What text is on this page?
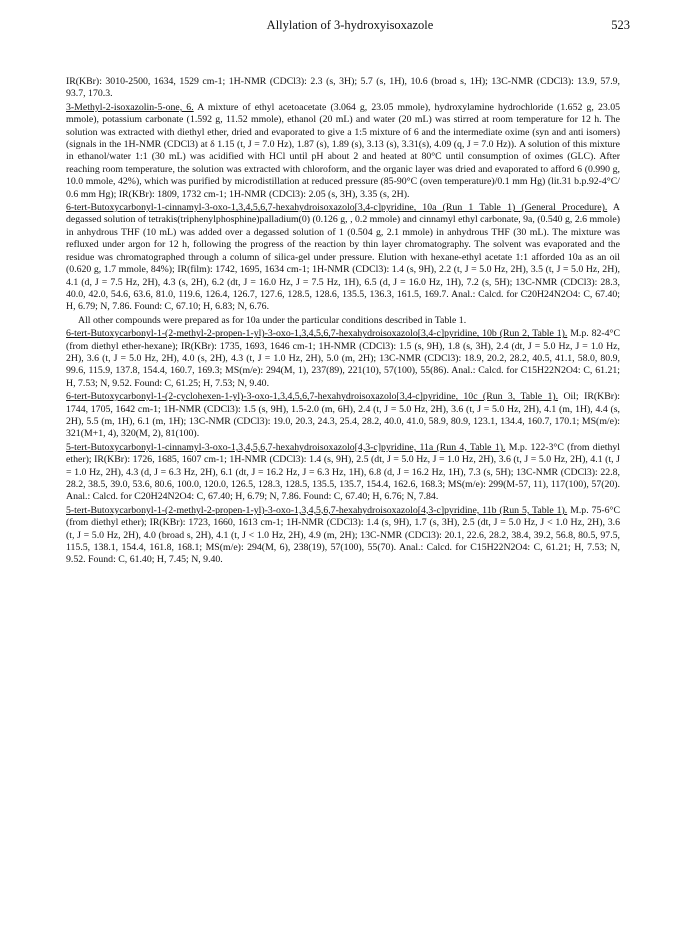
Allylation of 3-hydroxyisoxazole	523

IR(KBr): 3010-2500, 1634, 1529 cm-1; 1H-NMR (CDCl3): 2.3 (s, 3H); 5.7 (s, 1H), 10.6 (broad s, 1H); 13C-NMR (CDCl3): 13.9, 57.9, 93.7, 170.3.

3-Methyl-2-isoxazolin-5-one, 6. A mixture of ethyl acetoacetate (3.064 g, 23.05 mmole), hydroxylamine hydrochloride (1.652 g, 23.05 mmole), potassium carbonate (1.592 g, 11.52 mmole), ethanol (20 mL) and water (20 mL) was stirred at room temperature for 12 h. The solution was extracted with diethyl ether, dried and evaporated to give a 1:5 mixture of 6 and the intermediate oxime (syn and anti isomers) (signals in the 1H-NMR (CDCl3) at δ 1.15 (t, J = 7.0 Hz), 1.87 (s), 1.89 (s), 3.13 (s), 3.31(s), 4.09 (q, J = 7.0 Hz)). A solution of this mixture in ethanol/water 1:1 (30 mL) was acidified with HCl until pH about 2 and heated at 80°C until consumption of oximes (GLC). After reaching room temperature, the solution was extracted with chloroform, and the organic layer was dried and evaporated to afford 6 (0.990 g, 10.0 mmole, 42%), which was purified by microdistillation at reduced pressure (85-90°C (oven temperature)/0.1 mm Hg) (lit.31 b.p.92-4°C/ 0.6 mm Hg); IR(KBr): 1809, 1732 cm-1; 1H-NMR (CDCl3): 2.05 (s, 3H), 3.35 (s, 2H).

6-tert-Butoxycarbonyl-1-cinnamyl-3-oxo-1,3,4,5,6,7-hexahydroisoxazolo[3,4-c]pyridine, 10a (Run 1 Table 1) (General Procedure). A degassed solution of tetrakis(triphenylphosphine)palladium(0) (0.126 g, , 0.2 mmole) and cinnamyl ethyl carbonate, 9a, (0.540 g, 2.6 mmole) in anhydrous THF (10 mL) was added over a degassed solution of 1 (0.504 g, 2.1 mmole) in anhydrous THF (30 mL). The mixture was refluxed under argon for 12 h, following the progress of the reaction by thin layer chromatography. The solvent was evaporated and the residue was chromatographed through a column of silica-gel under pressure. Elution with hexane-ethyl acetate 1:1 afforded 10a as an oil (0.620 g, 1.7 mmole, 84%); IR(film): 1742, 1695, 1634 cm-1; 1H-NMR (CDCl3): 1.4 (s, 9H), 2.2 (t, J = 5.0 Hz, 2H), 3.5 (t, J = 5.0 Hz, 2H), 4.1 (d, J = 7.5 Hz, 2H), 4.3 (s, 2H), 6.2 (dt, J = 16.0 Hz, J = 7.5 Hz, 1H), 6.5 (d, J = 16.0 Hz, 1H), 7.2 (s, 5H); 13C-NMR (CDCl3): 28.3, 40.0, 42.0, 54.6, 63.6, 81.0, 119.6, 126.4, 126.7, 127.6, 128.5, 128.6, 135.5, 136.3, 161.5, 169.7. Anal.: Calcd. for C20H24N2O4: C, 67.40; H, 6.79; N, 7.86. Found: C, 67.10; H, 6.83; N, 6.76.

All other compounds were prepared as for 10a under the particular conditions described in Table 1.

6-tert-Butoxycarbonyl-1-(2-methyl-2-propen-1-yl)-3-oxo-1,3,4,5,6,7-hexahydroisoxazolo[3,4-c]pyridine, 10b (Run 2, Table 1). M.p. 82-4°C (from diethyl ether-hexane); IR(KBr): 1735, 1693, 1646 cm-1; 1H-NMR (CDCl3): 1.5 (s, 9H), 1.8 (s, 3H), 2.4 (dt, J = 5.0 Hz, J = 1.0 Hz, 2H), 3.6 (t, J = 5.0 Hz, 2H), 4.0 (s, 2H), 4.3 (t, J = 1.0 Hz, 2H), 5.0 (m, 2H); 13C-NMR (CDCl3): 18.9, 20.2, 28.2, 40.5, 41.1, 58.0, 80.9, 99.6, 115.9, 137.8, 154.4, 160.7, 169.3; MS(m/e): 294(M, 1), 237(89), 221(10), 57(100), 55(86). Anal.: Calcd. for C15H22N2O4: C, 61.21; H, 7.53; N, 9.52. Found: C, 61.25; H, 7.53; N, 9.40.

6-tert-Butoxycarbonyl-1-(2-cyclohexen-1-yl)-3-oxo-1,3,4,5,6,7-hexahydroisoxazolo[3,4-c]pyridine, 10c (Run 3, Table 1). Oil; IR(KBr): 1744, 1705, 1642 cm-1; 1H-NMR (CDCl3): 1.5 (s, 9H), 1.5-2.0 (m, 6H), 2.4 (t, J = 5.0 Hz, 2H), 3.6 (t, J = 5.0 Hz, 2H), 4.1 (m, 1H), 4.4 (s, 2H), 5.5 (m, 1H), 6.1 (m, 1H); 13C-NMR (CDCl3): 19.0, 20.3, 24.3, 25.4, 28.2, 40.0, 41.0, 58.9, 80.9, 123.1, 134.4, 160.7, 170.1; MS(m/e): 321(M+1, 4), 320(M, 2), 81(100).

5-tert-Butoxycarbonyl-1-cinnamyl-3-oxo-1,3,4,5,6,7-hexahydroisoxazolo[4,3-c]pyridine, 11a (Run 4, Table 1). M.p. 122-3°C (from diethyl ether); IR(KBr): 1726, 1685, 1607 cm-1; 1H-NMR (CDCl3): 1.4 (s, 9H), 2.5 (dt, J = 5.0 Hz, J = 1.0 Hz, 2H), 3.6 (t, J = 5.0 Hz, 2H), 4.1 (t, J = 1.0 Hz, 2H), 4.3 (d, J = 6.3 Hz, 2H), 6.1 (dt, J = 16.2 Hz, J = 6.3 Hz, 1H), 6.8 (d, J = 16.2 Hz, 1H), 7.3 (s, 5H); 13C-NMR (CDCl3): 22.8, 28.2, 38.5, 39.0, 53.6, 80.6, 100.0, 120.0, 126.5, 128.3, 128.5, 135.5, 135.7, 154.4, 162.6, 168.3; MS(m/e): 299(M-57, 11), 117(100), 57(20). Anal.: Calcd. for C20H24N2O4: C, 67.40; H, 6.79; N, 7.86. Found: C, 67.40; H, 6.76; N, 7.84.

5-tert-Butoxycarbonyl-1-(2-methyl-2-propen-1-yl)-3-oxo-1,3,4,5,6,7-hexahydroisoxazolo[4,3-c]pyridine, 11b (Run 5, Table 1). M.p. 75-6°C (from diethyl ether); IR(KBr): 1723, 1660, 1613 cm-1; 1H-NMR (CDCl3): 1.4 (s, 9H), 1.7 (s, 3H), 2.5 (dt, J = 5.0 Hz, J < 1.0 Hz, 2H), 3.6 (t, J = 5.0 Hz, 2H), 4.0 (broad s, 2H), 4.1 (t, J < 1.0 Hz, 2H), 4.9 (m, 2H); 13C-NMR (CDCl3): 20.1, 22.6, 28.2, 38.4, 39.2, 56.8, 80.5, 97.5, 115.5, 138.1, 154.4, 161.8, 168.1; MS(m/e): 294(M, 6), 238(19), 57(100), 55(70). Anal.: Calcd. for C15H22N2O4: C, 61.21; H, 7.53; N, 9.52. Found: C, 61.40; H, 7.45; N, 9.40.
